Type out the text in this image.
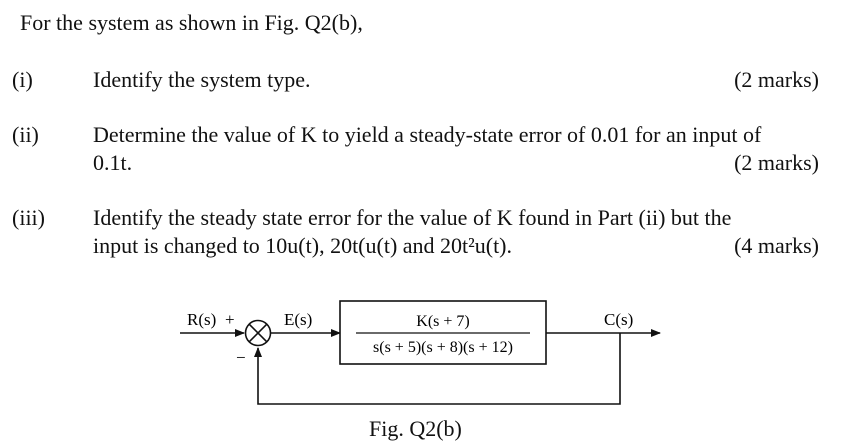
For the system as shown in Fig. Q2(b),
(i)	Identify the system type.	(2 marks)
(ii) Determine the value of K to yield a steady-state error of 0.01 for an input of
0.1t.	(2 marks)
(iii) Identify the steady state error for the value of K found in Part (ii) but the
input is changed to 10u(t), 20t(u(t) and 20t²u(t).	(4 marks)
R(s) +
−
E(s)	K(s + 7)
s(s + 5)(s + 8)(s + 12)
C(s)
Fig. Q2(b)
